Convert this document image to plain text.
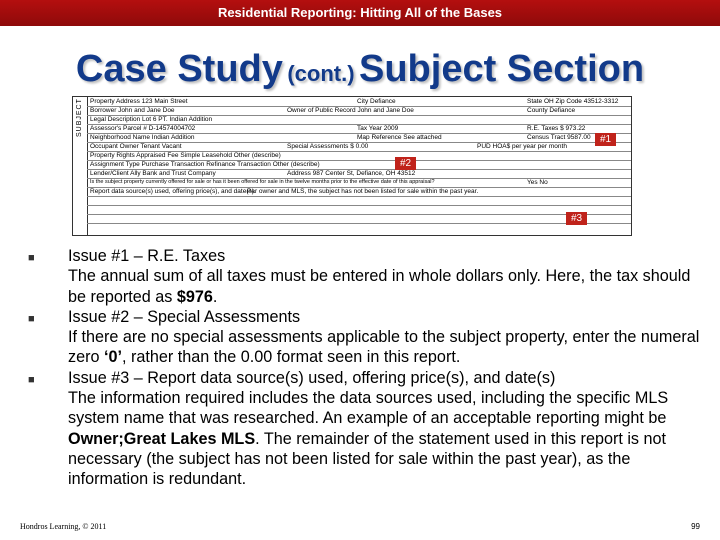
Residential Reporting: Hitting All of the Bases
Case Study (cont.) Subject Section
SUBJECT Property Address 123 Main Street	City Defiance	State OH Zip Code 43512-3312
Borrower John and Jane Doe	Owner of Public Record John and Jane Doe	County Defiance
Legal Description Lot 6 PT. Indian Addition
Assessor's Parcel # D-14574004702	Tax Year 2009	R.E. Taxes $ 973.22
Neighborhood Name Indian Addition	Map Reference See attached	Census Tract 9587.00
Occupant Owner Tenant Vacant	Special Assessments $ 0.00	PUD HOA$ per year per month
Property Rights Appraised Fee Simple Leasehold Other (describe)
Assignment Type Purchase Transaction Refinance Transaction Other (describe)
Lender/Client Ally Bank and Trust Company	Address 987 Center St, Defiance, OH 43512
Is the subject property currently offered for sale or has it been offered for sale in the twelve months prior to the effective date of this appraisal?	Yes No
Report data source(s) used, offering price(s), and date(s).
Per owner and MLS, the subject has not been listed for sale within the past year.
#1
#2
#3
■ Issue #1 – R.E. Taxes
The annual sum of all taxes must be entered in whole dollars only. Here, the tax should be reported as $976.
■ Issue #2 – Special Assessments
If there are no special assessments applicable to the subject property, enter the numeral zero ‘0’, rather than the 0.00 format seen in this report.
■ Issue #3 – Report data source(s) used, offering price(s), and date(s)
The information required includes the data sources used, including the specific MLS system name that was researched. An example of an acceptable reporting might be Owner;Great Lakes MLS. The remainder of the statement used in this report is not necessary (the subject has not been listed for sale within the past year), as the information is redundant.
Hondros Learning, © 2011	99
